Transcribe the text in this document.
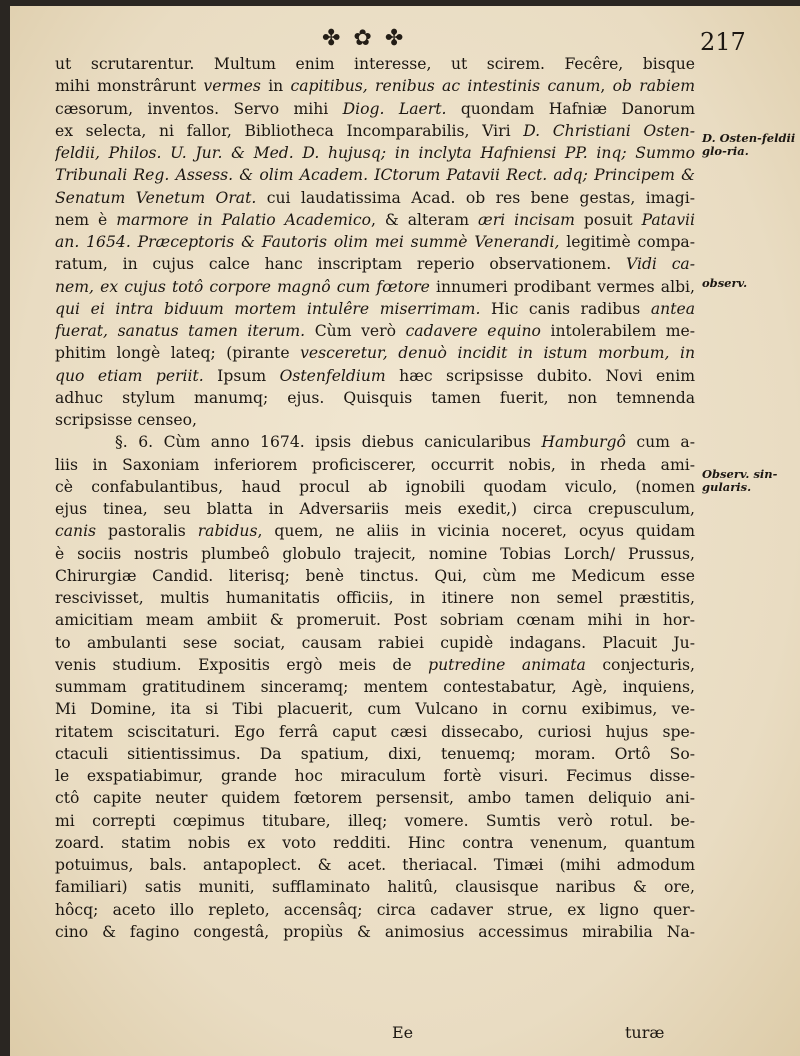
✤ ✿ ✤	217
ut scrutarentur. Multum enim interesse, ut scirem. Fecêre, bisque
mihi monstrârunt vermes in capitibus, renibus ac intestinis canum, ob rabiem
cæsorum, inventos. Servo mihi Diog. Laert. quondam Hafniæ Danorum
ex selecta, ni fallor, Bibliotheca Incomparabilis, Viri D. Christiani Osten-
feldii, Philos. U. Jur. & Med. D. hujusq; in inclyta Hafniensi PP. inq; Summo
Tribunali Reg. Assess. & olim Academ. ICtorum Patavii Rect. adq; Principem &
Senatum Venetum Orat. cui laudatissima Acad. ob res bene gestas, imagi-
nem è marmore in Palatio Academico, & alteram æri incisam posuit Patavii
an. 1654. Præceptoris & Fautoris olim mei summè Venerandi, legitimè compa-
ratum, in cujus calce hanc inscriptam reperio observationem. Vidi ca-
nem, ex cujus totô corpore magnô cum fœtore innumeri prodibant vermes albi,
qui ei intra biduum mortem intulêre miserrimam. Hic canis radibus antea
fuerat, sanatus tamen iterum. Cùm verò cadavere equino intolerabilem me-
phitim longè lateq; (pirante vesceretur, denuò incidit in istum morbum, in
quo etiam periit. Ipsum Ostenfeldium hæc scripsisse dubito. Novi enim
adhuc stylum manumq; ejus. Quisquis tamen fuerit, non temnenda
scripsisse censeo,
§. 6. Cùm anno 1674. ipsis diebus canicularibus Hamburgô cum a-
liis in Saxoniam inferiorem proficiscerer, occurrit nobis, in rheda ami-
cè confabulantibus, haud procul ab ignobili quodam viculo, (nomen
ejus tinea, seu blatta in Adversariis meis exedit,) circa crepusculum,
canis pastoralis rabidus, quem, ne aliis in vicinia noceret, ocyus quidam
è sociis nostris plumbeô globulo trajecit, nomine Tobias Lorch/ Prussus,
Chirurgiæ Candid. literisq; benè tinctus. Qui, cùm me Medicum esse
rescivisset, multis humanitatis officiis, in itinere non semel præstitis,
amicitiam meam ambiit & promeruit. Post sobriam cœnam mihi in hor-
to ambulanti sese sociat, causam rabiei cupidè indagans. Placuit Ju-
venis studium. Expositis ergò meis de putredine animata conjecturis,
summam gratitudinem sinceramq; mentem contestabatur, Agè, inquiens,
Mi Domine, ita si Tibi placuerit, cum Vulcano in cornu exibimus, ve-
ritatem sciscitaturi. Ego ferrâ caput cæsi dissecabo, curiosi hujus spe-
ctaculi sitientissimus. Da spatium, dixi, tenuemq; moram. Ortô So-
le exspatiabimur, grande hoc miraculum fortè visuri. Fecimus disse-
ctô capite neuter quidem fœtorem persensit, ambo tamen deliquio ani-
mi correpti cœpimus titubare, illeq; vomere. Sumtis verò rotul. be-
zoard. statim nobis ex voto redditi. Hinc contra venenum, quantum
potuimus, bals. antapoplect. & acet. theriacal. Timæi (mihi admodum
familiari) satis muniti, sufflaminato halitû, clausisque naribus & ore,
hôcq; aceto illo repleto, accensâq; circa cadaver strue, ex ligno quer-
cino & fagino congestâ, propiùs & animosius accessimus mirabilia Na-
D. Osten-feldii glo-ria.
observ.
Observ. sin-gularis.
Ee	turæ
